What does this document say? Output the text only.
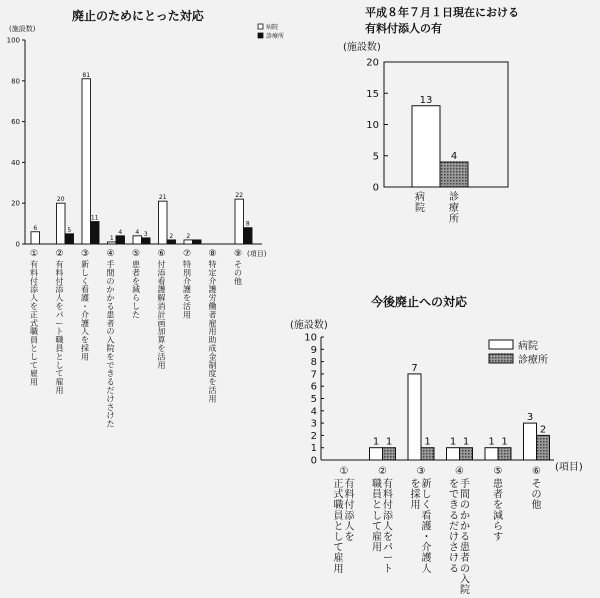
廃止のためにとった対応
(施設数)
(項目)
平成８年７月１日現在における
有料付添人の有
(施設数)
今後廃止への対応
(施設数)
(項目)
0
20
40
60
80
100
6
20
81
1
4
21
2
22
5
11
4	3	2
8
病院
診療所
①
有料付添人を正式職員として雇用
②
有料付添人をパート職員として雇用
③
新しく看護・介護人を採用
④
手間のかかる患者の入院をできるだけさけた
⑤
患者を減らした
⑥
付添看護解消計画加算を活用
⑦
特別介護を活用
⑧
特定介護労働者雇用助成金制度を活用
⑨
その他
0
5
10
15
20
13
病院
4
診療所
0
1
2
3
4
5
6
7
8
9
10
1
7
1	1
3
1	1	1	1
2
病院
診療所
①
正式職員として雇用
有料付添人を
②
職員として雇用
有料付添人をパート
③
を採用
新しく看護・介護人
④
をできるだけさける
手間のかかる患者の入院
⑤
患者を減らす
⑥
その他
